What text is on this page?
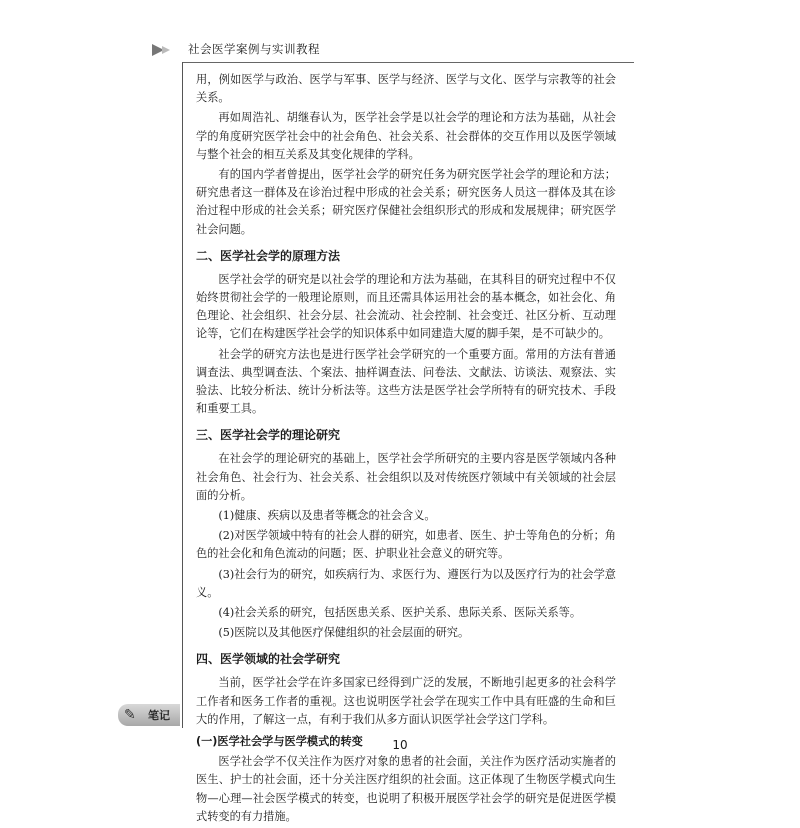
社会医学案例与实训教程

用，例如医学与政治、医学与军事、医学与经济、医学与文化、医学与宗教等的社会关系。

再如周浩礼、胡继春认为，医学社会学是以社会学的理论和方法为基础，从社会学的角度研究医学社会中的社会角色、社会关系、社会群体的交互作用以及医学领域与整个社会的相互关系及其变化规律的学科。

有的国内学者曾提出，医学社会学的研究任务为研究医学社会学的理论和方法；研究患者这一群体及在诊治过程中形成的社会关系；研究医务人员这一群体及其在诊治过程中形成的社会关系；研究医疗保健社会组织形式的形成和发展规律；研究医学社会问题。

二、医学社会学的原理方法

医学社会学的研究是以社会学的理论和方法为基础，在其科目的研究过程中不仅始终贯彻社会学的一般理论原则，而且还需具体运用社会的基本概念，如社会化、角色理论、社会组织、社会分层、社会流动、社会控制、社会变迁、社区分析、互动理论等，它们在构建医学社会学的知识体系中如同建造大厦的脚手架，是不可缺少的。

社会学的研究方法也是进行医学社会学研究的一个重要方面。常用的方法有普通调查法、典型调查法、个案法、抽样调查法、问卷法、文献法、访谈法、观察法、实验法、比较分析法、统计分析法等。这些方法是医学社会学所特有的研究技术、手段和重要工具。

三、医学社会学的理论研究

在社会学的理论研究的基础上，医学社会学所研究的主要内容是医学领域内各种社会角色、社会行为、社会关系、社会组织以及对传统医疗领域中有关领域的社会层面的分析。

(1)健康、疾病以及患者等概念的社会含义。

(2)对医学领域中特有的社会人群的研究，如患者、医生、护士等角色的分析；角色的社会化和角色流动的问题；医、护职业社会意义的研究等。

(3)社会行为的研究，如疾病行为、求医行为、遵医行为以及医疗行为的社会学意义。

(4)社会关系的研究，包括医患关系、医护关系、患际关系、医际关系等。

(5)医院以及其他医疗保健组织的社会层面的研究。

四、医学领域的社会学研究

当前，医学社会学在许多国家已经得到广泛的发展，不断地引起更多的社会科学工作者和医务工作者的重视。这也说明医学社会学在现实工作中具有旺盛的生命和巨大的作用，了解这一点，有利于我们从多方面认识医学社会学这门学科。

(一)医学社会学与医学模式的转变

医学社会学不仅关注作为医疗对象的患者的社会面，关注作为医疗活动实施者的医生、护士的社会面，还十分关注医疗组织的社会面。这正体现了生物医学模式向生物—心理—社会医学模式的转变，也说明了积极开展医学社会学的研究是促进医学模式转变的有力措施。

✎ 笔记
10
